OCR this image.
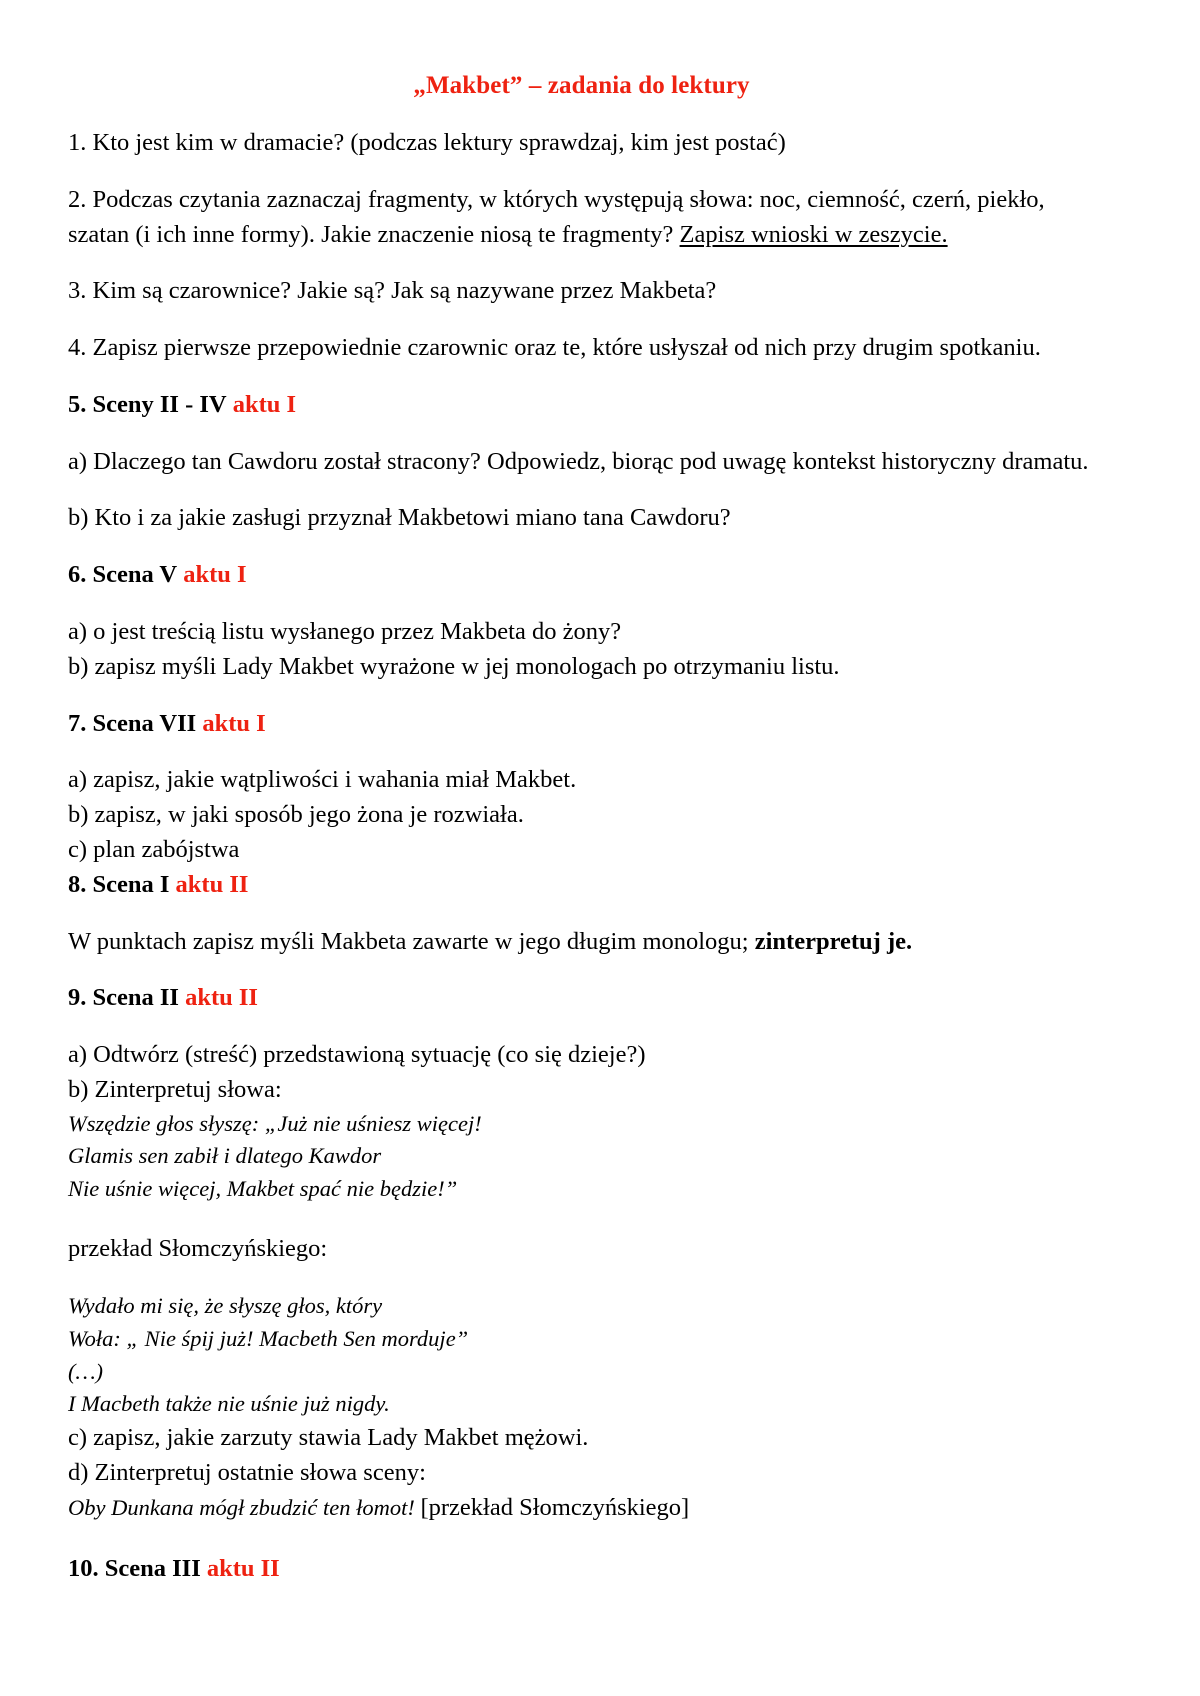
„Makbet” – zadania do lektury

1. Kto jest kim w dramacie? (podczas lektury sprawdzaj, kim jest postać)

2. Podczas czytania zaznaczaj fragmenty, w których występują słowa: noc, ciemność, czerń, piekło, szatan (i ich inne formy). Jakie znaczenie niosą te fragmenty? Zapisz wnioski w zeszycie.

3. Kim są czarownice? Jakie są? Jak są nazywane przez Makbeta?

4. Zapisz pierwsze przepowiednie czarownic oraz te, które usłyszał od nich przy drugim spotkaniu.

5. Sceny II - IV aktu I

a) Dlaczego tan Cawdoru został stracony? Odpowiedz, biorąc pod uwagę kontekst historyczny dramatu.

b) Kto i za jakie zasługi przyznał Makbetowi miano tana Cawdoru?

6. Scena V aktu I

a) o jest treścią listu wysłanego przez Makbeta do żony?

b) zapisz myśli Lady Makbet wyrażone w jej monologach po otrzymaniu listu.

7. Scena VII aktu I

a) zapisz, jakie wątpliwości i wahania miał Makbet.

b) zapisz, w jaki sposób jego żona je rozwiała.

c) plan zabójstwa

8. Scena I aktu II

W punktach zapisz myśli Makbeta zawarte w jego długim monologu; zinterpretuj je.

9. Scena II aktu II

a) Odtwórz (streść) przedstawioną sytuację (co się dzieje?)

b) Zinterpretuj słowa:

Wszędzie głos słyszę: „Już nie uśniesz więcej!

Glamis sen zabił i dlatego Kawdor

Nie uśnie więcej, Makbet spać nie będzie!”

przekład Słomczyńskiego:

Wydało mi się, że słyszę głos, który

Woła: „ Nie śpij już! Macbeth Sen morduje”

(…)

I Macbeth także nie uśnie już nigdy.

c) zapisz, jakie zarzuty stawia Lady Makbet mężowi.

d) Zinterpretuj ostatnie słowa sceny:

Oby Dunkana mógł zbudzić ten łomot! [przekład Słomczyńskiego]

10. Scena III aktu II
